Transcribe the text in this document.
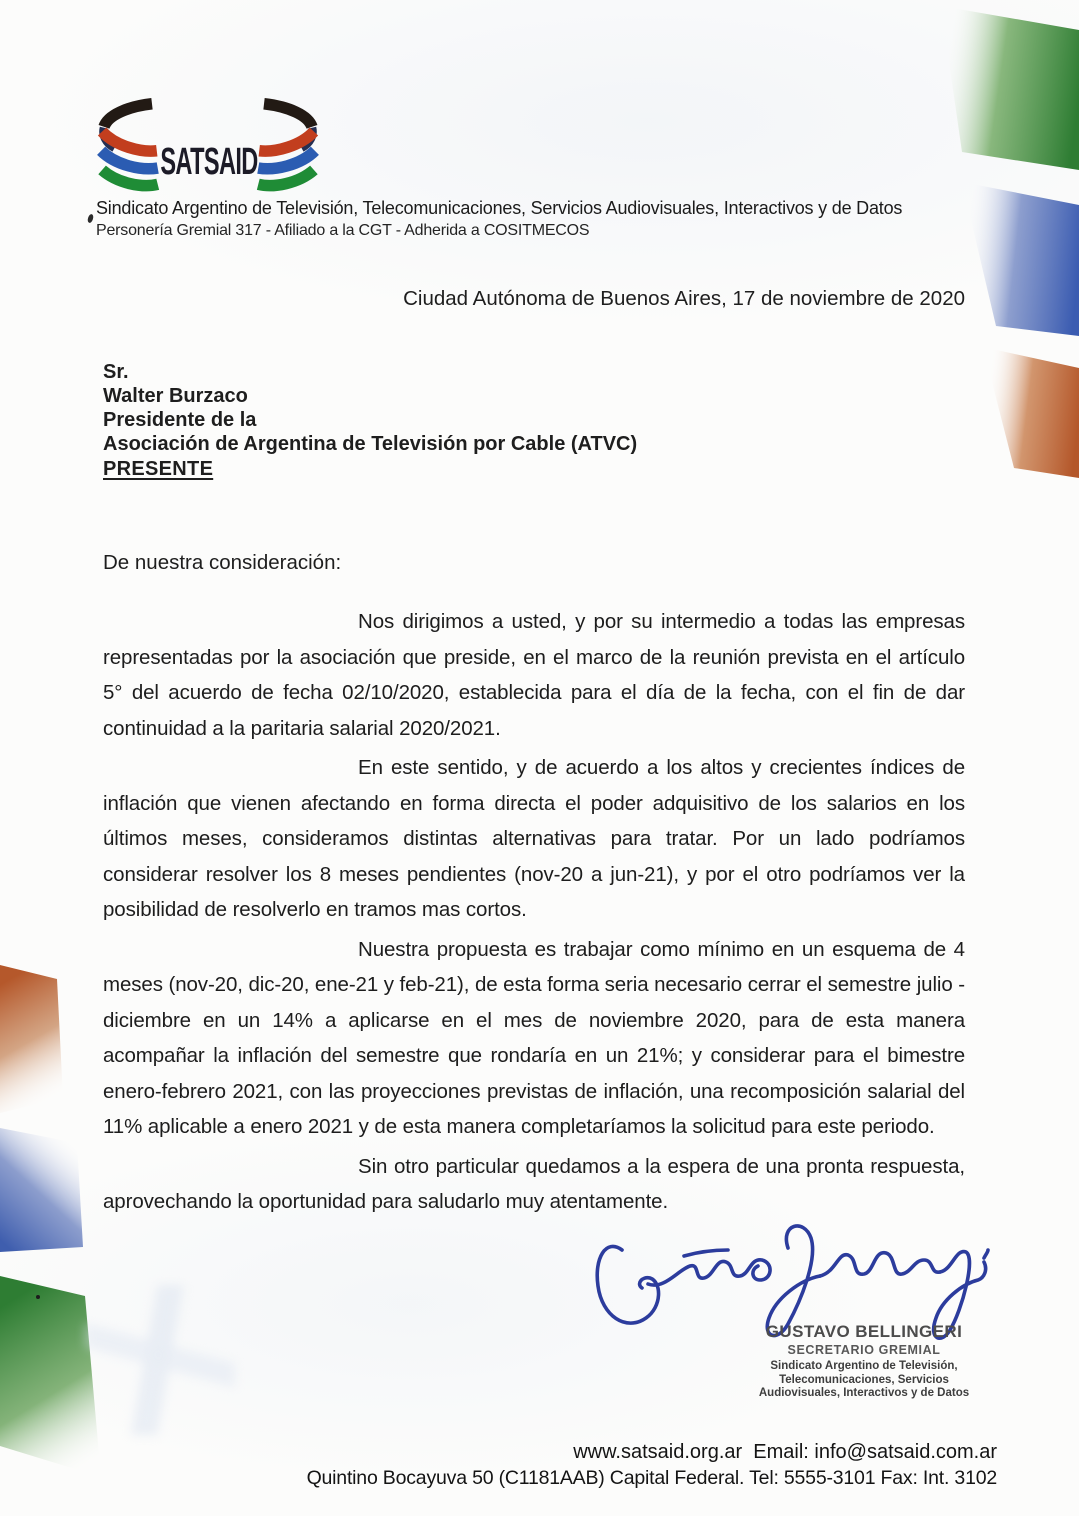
SATSAID
Sindicato Argentino de Televisión, Telecomunicaciones, Servicios Audiovisuales, Interactivos y de Datos
Personería Gremial 317 - Afiliado a la CGT - Adherida a COSITMECOS
Ciudad Autónoma de Buenos Aires, 17 de noviembre de 2020
Sr.
Walter Burzaco
Presidente de la
Asociación de Argentina de Televisión por Cable (ATVC)
PRESENTE
De nuestra consideración:

Nos dirigimos a usted, y por su intermedio a todas las empresas representadas por la asociación que preside, en el marco de la reunión prevista en el artículo 5° del acuerdo de fecha 02/10/2020, establecida para el día de la fecha, con el fin de dar continuidad a la paritaria salarial 2020/2021.

En este sentido, y de acuerdo a los altos y crecientes índices de inflación que vienen afectando en forma directa el poder adquisitivo de los salarios en los últimos meses, consideramos distintas alternativas para tratar. Por un lado podríamos considerar resolver los 8 meses pendientes (nov-20 a jun-21), y por el otro podríamos ver la posibilidad de resolverlo en tramos mas cortos.

Nuestra propuesta es trabajar como mínimo en un esquema de 4 meses (nov-20, dic-20, ene-21 y feb-21), de esta forma seria necesario cerrar el semestre julio - diciembre en un 14% a aplicarse en el mes de noviembre 2020, para de esta manera acompañar la inflación del semestre que rondaría en un 21%; y considerar para el bimestre enero-febrero 2021, con las proyecciones previstas de inflación, una recomposición salarial del 11% aplicable a enero 2021 y de esta manera completaríamos la solicitud para este periodo.

Sin otro particular quedamos a la espera de una pronta respuesta, aprovechando la oportunidad para saludarlo muy atentamente.

GUSTAVO BELLINGERI
SECRETARIO GREMIAL
Sindicato Argentino de Televisión,
Telecomunicaciones, Servicios
Audiovisuales, Interactivos y de Datos
www.satsaid.org.ar  Email: info@satsaid.com.ar
Quintino Bocayuva 50 (C1181AAB) Capital Federal. Tel: 5555-3101 Fax: Int. 3102
